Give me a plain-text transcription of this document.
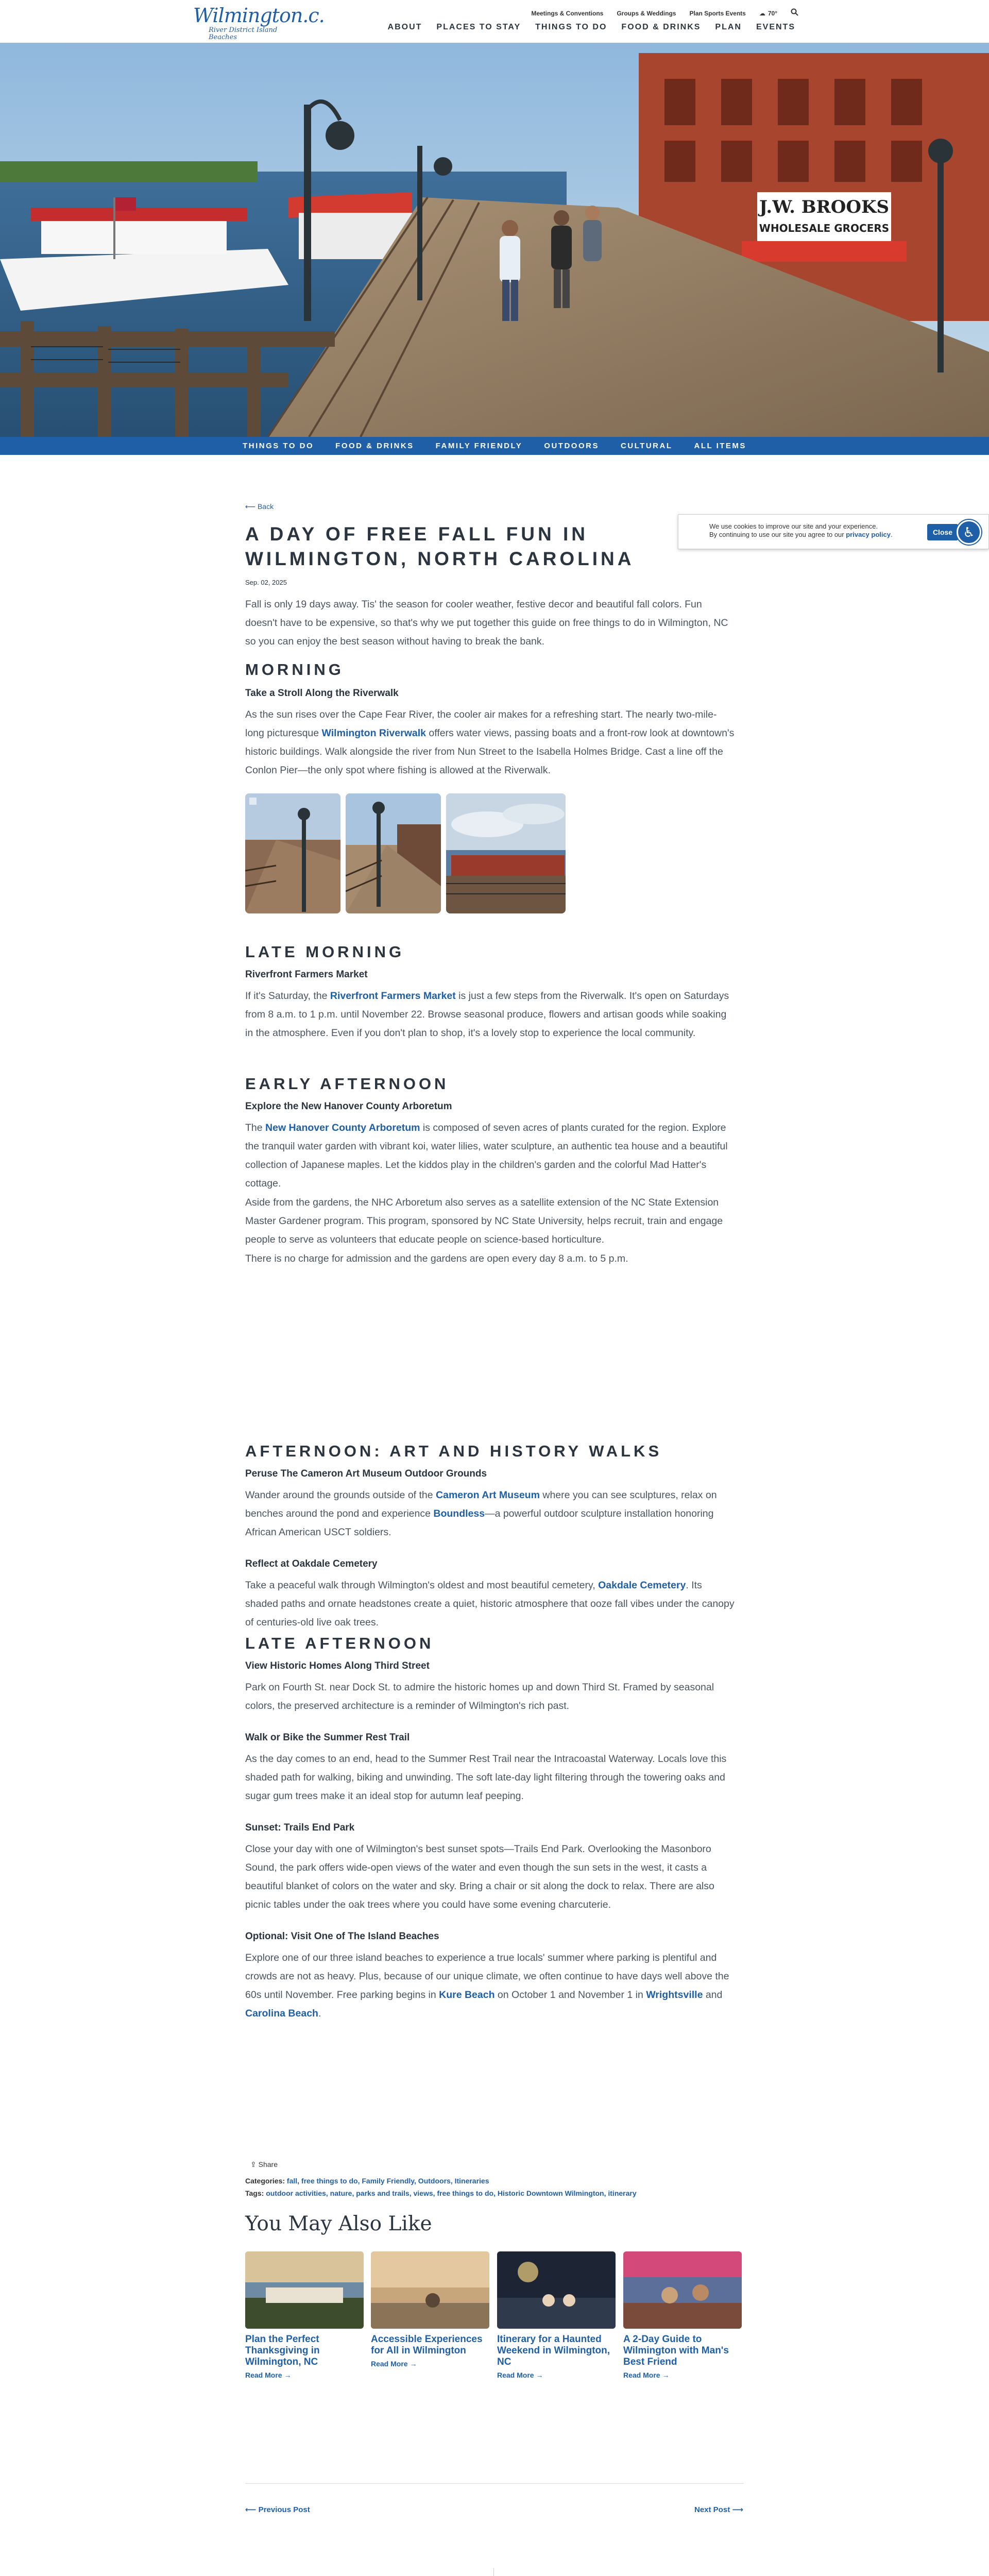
Wilmington.c.
River District Island Beaches
Meetings & Conventions Groups & Weddings Plan Sports Events ☁ 70°
ABOUT PLACES TO STAY THINGS TO DO FOOD & DRINKS PLAN EVENTS
J.W. BROOKS
WHOLESALE GROCERS
THINGS TO DO	FOOD & DRINKS	FAMILY FRIENDLY	OUTDOORS	CULTURAL	ALL ITEMS
We use cookies to improve our site and your experience.
By continuing to use our site you agree to our privacy policy.	Close ♿
⟵ Back
A DAY OF FREE FALL FUN IN WILMINGTON, NORTH CAROLINA
Sep. 02, 2025

Fall is only 19 days away. Tis' the season for cooler weather, festive decor and beautiful fall colors. Fun doesn't have to be expensive, so that's why we put together this guide on free things to do in Wilmington, NC so you can enjoy the best season without having to break the bank.

MORNING
Take a Stroll Along the Riverwalk

As the sun rises over the Cape Fear River, the cooler air makes for a refreshing start. The nearly two-mile-long picturesque Wilmington Riverwalk offers water views, passing boats and a front-row look at downtown's historic buildings. Walk alongside the river from Nun Street to the Isabella Holmes Bridge. Cast a line off the Conlon Pier—the only spot where fishing is allowed at the Riverwalk.

LATE MORNING
Riverfront Farmers Market

If it's Saturday, the Riverfront Farmers Market is just a few steps from the Riverwalk. It's open on Saturdays from 8 a.m. to 1 p.m. until November 22. Browse seasonal produce, flowers and artisan goods while soaking in the atmosphere. Even if you don't plan to shop, it's a lovely stop to experience the local community.

EARLY AFTERNOON
Explore the New Hanover County Arboretum

The New Hanover County Arboretum is composed of seven acres of plants curated for the region. Explore the tranquil water garden with vibrant koi, water lilies, water sculpture, an authentic tea house and a beautiful collection of Japanese maples. Let the kiddos play in the children's garden and the colorful Mad Hatter's cottage.

Aside from the gardens, the NHC Arboretum also serves as a satellite extension of the NC State Extension Master Gardener program. This program, sponsored by NC State University, helps recruit, train and engage people to serve as volunteers that educate people on science-based horticulture.

There is no charge for admission and the gardens are open every day 8 a.m. to 5 p.m.

AFTERNOON: ART AND HISTORY WALKS
Peruse The Cameron Art Museum Outdoor Grounds

Wander around the grounds outside of the Cameron Art Museum where you can see sculptures, relax on benches around the pond and experience Boundless—a powerful outdoor sculpture installation honoring African American USCT soldiers.

Reflect at Oakdale Cemetery

Take a peaceful walk through Wilmington's oldest and most beautiful cemetery, Oakdale Cemetery. Its shaded paths and ornate headstones create a quiet, historic atmosphere that ooze fall vibes under the canopy of centuries-old live oak trees.

LATE AFTERNOON
View Historic Homes Along Third Street

Park on Fourth St. near Dock St. to admire the historic homes up and down Third St. Framed by seasonal colors, the preserved architecture is a reminder of Wilmington's rich past.

Walk or Bike the Summer Rest Trail

As the day comes to an end, head to the Summer Rest Trail near the Intracoastal Waterway. Locals love this shaded path for walking, biking and unwinding. The soft late-day light filtering through the towering oaks and sugar gum trees make it an ideal stop for autumn leaf peeping.

Sunset: Trails End Park

Close your day with one of Wilmington's best sunset spots—Trails End Park. Overlooking the Masonboro Sound, the park offers wide-open views of the water and even though the sun sets in the west, it casts a beautiful blanket of colors on the water and sky. Bring a chair or sit along the dock to relax. There are also picnic tables under the oak trees where you could have some evening charcuterie.

Optional: Visit One of The Island Beaches

Explore one of our three island beaches to experience a true locals' summer where parking is plentiful and crowds are not as heavy. Plus, because of our unique climate, we often continue to have days well above the 60s until November. Free parking begins in Kure Beach on October 1 and November 1 in Wrightsville and Carolina Beach.

⇪ Share
Categories: fall, free things to do, Family Friendly, Outdoors, Itineraries
Tags: outdoor activities, nature, parks and trails, views, free things to do, Historic Downtown Wilmington, itinerary
You May Also Like
Plan the Perfect Thanksgiving in Wilmington, NC
Read More →
Accessible Experiences for All in Wilmington
Read More →
Itinerary for a Haunted Weekend in Wilmington, NC
Read More →
A 2-Day Guide to Wilmington with Man's Best Friend
Read More →
⟵ Previous Post	Next Post ⟶
